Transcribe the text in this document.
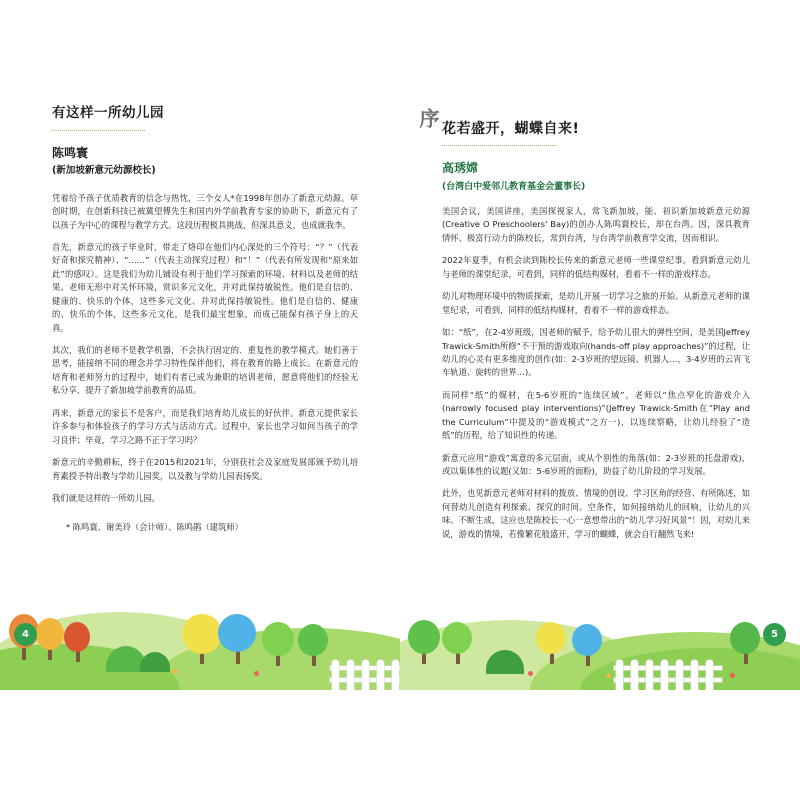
有这样一所幼儿园
陈鸣寰
(新加坡新意元幼源校长)

凭着给予孩子优质教育的信念与热忱，三个女人*在1998年创办了新意元幼源。草创时期，在创新科技已被冀望傅先生和国内外学前教育专家的协助下，新意元有了以孩子为中心的课程与教学方式。这段历程极具挑战，但深具意义，也成就我李。

首先，新意元的孩子毕业时，带走了烙印在他们内心深处的三个符号：“？”（代表好奇和探究精神）、“……”（代表主动探究过程）和“！”（代表有所发现和“原来如此”的感叹）。这是我们为幼儿铺设有利于他们学习探索的环境、材料以及老师的结果。老师无形中对关怀环境，赏识多元文化，并对此保持敏锐性。他们是自信的、健康的、快乐的个体，这些多元文化、并对此保持敏锐性。他们是自信的、健康的、快乐的个体，这些多元文化，是我们最宝想象，而成己能保有孩子身上的天真。

其次，我们的老师不是教学机器，不会执行固定的、重复性的教学模式。她们善于思考，能接纳不同的理念并学习特性保伴他们，将在教育的路上成长。在新意元的培育和老师努力的过程中，她们有者已成为兼职的培训老师，愿意将他们的经验无私分享，提升了新加坡学前教育的品质。

再来，新意元的家长不是客户，而是我们培育幼儿成长的好伙伴。新意元提供家长许多参与和体验孩子的学习方式与活动方式。过程中，家长也学习如何当孩子的学习良伴；毕竟，学习之路不正于学习吗？

新意元的辛勤耕耘，终于在2015和2021年，分别获社会及家庭发展部颁予幼儿培育素授予特出教与学幼儿园奖，以及教与学幼儿园表扬奖。

我们就是这样的一所幼儿园。

* 陈鸣寰、谢美玲（会计师）、陈鸣鹃（建筑师）
4
序 花若盛开，蝴蝶自来!
高琇嫦
(台湾白中爱邻儿教育基金会董事长)

美国会议，美国讲座，美国探视家人，常飞新加坡，能、初识新加坡新意元幼源(Creative O Preschoolers' Bay)的创办人陈鸣寰校长，却在台湾。因，深具教育情怀、极富行动力的陈校长，常到台湾，与台湾学前教育学交流，因而相识。

2022年夏季，有机会读到陈校长传来的新意元老师一些课堂纪事。看到新意元幼儿与老师的课堂纪录，可看到，同样的低结构媒材，看着不一样的游戏样态。

幼儿对物理环境中的物质探索，是幼儿开展一切学习之旅的开始。从新意元老师的课堂纪录，可看到，同样的低结构媒材，看着不一样的游戏样态。

如：“纸”，在2-4岁班级，因老师的赋予，给予幼儿很大的弹性空间，是美国Jeffrey Trawick-Smith所修“不干预的游戏取向(hands-off play approaches)”的过程，让幼儿的心灵有更多维度的创作(如：2-3岁班的望远镜、机器人…，3-4岁班的云宵飞车轨道、旋转的世界…)。

而同样“纸”的媒材，在5-6岁班的“连续区域”，老师以“焦点窄化的游戏介入(narrowly focused play interventions)”(Jeffrey Trawick-Smith在“Play and the Curriculum”中提及的“游戏模式”之方一)，以连续察略，让幼儿经验了“造纸”的历程，给了知识性的传递。

新意元应用“游戏”寓意的多元层面，或从个别性的角落(如：2-3岁班的托盘游戏)，或以集体性的议题(又如：5-6岁班的面粉)，助益了幼儿阶段的学习发展。

此外，也见新意元老师对材料的拨放、情境的创设、学习区角的经营、有所陈述，如何替幼儿创造有利探索、探究的时间、空条件，如何接纳幼儿的回响，让幼儿的兴味、不断生成，这应也是陈校长一心一意想带出的“幼儿学习好风景”！因，对幼儿来说，游戏的情境，若像繁花般盛开，学习的蝴蝶，就会自行翻然飞来!

5
